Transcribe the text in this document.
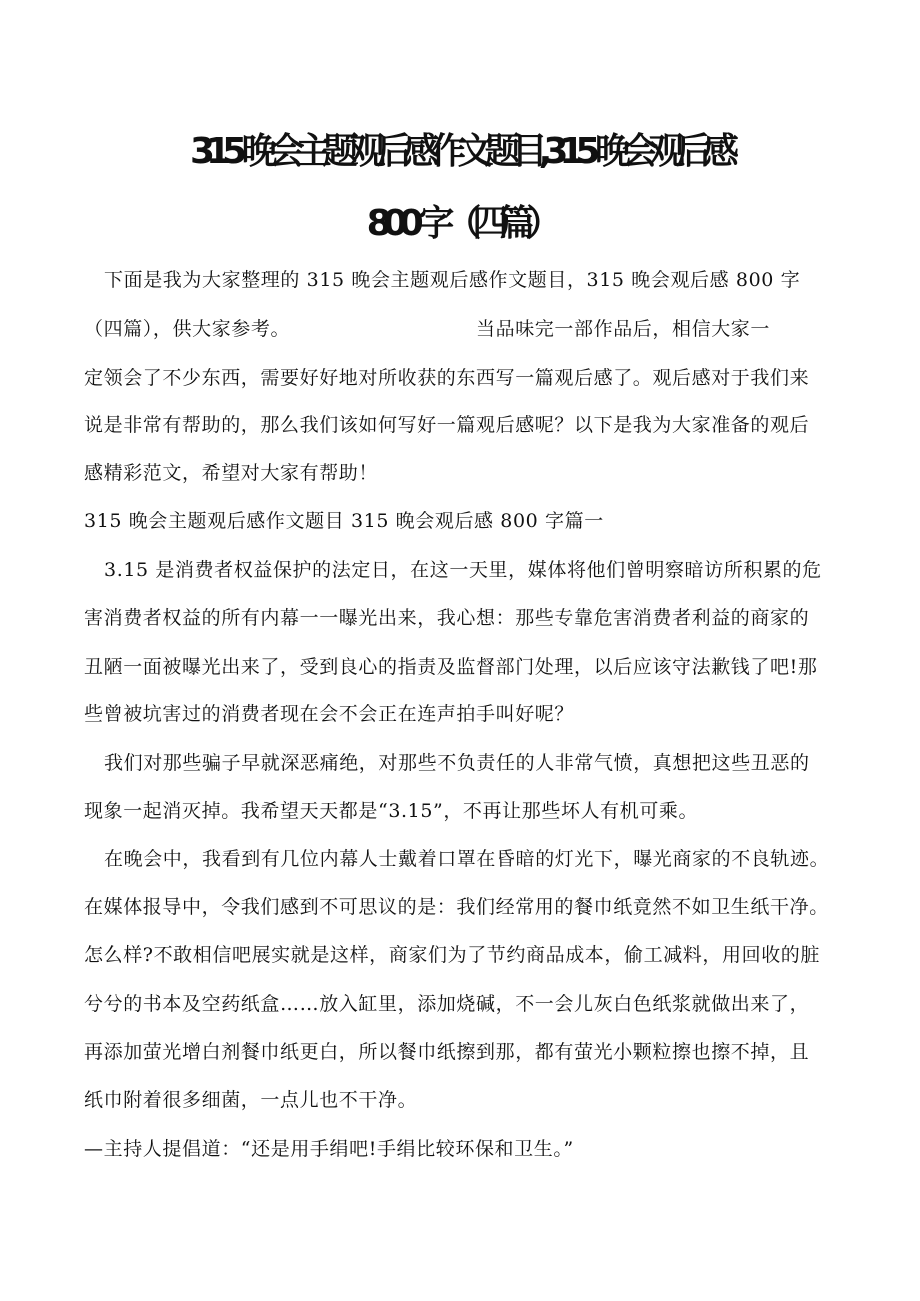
315 晚会主题观后感作文题目,315 晚会观后感
800 字（四篇）
下面是我为大家整理的 315 晚会主题观后感作文题目，315 晚会观后感 800 字
（四篇），供大家参考。	当品味完一部作品后，相信大家一
定领会了不少东西，需要好好地对所收获的东西写一篇观后感了。观后感对于我们来
说是非常有帮助的，那么我们该如何写好一篇观后感呢？以下是我为大家准备的观后
感精彩范文，希望对大家有帮助！
315 晚会主题观后感作文题目 315 晚会观后感 800 字篇一
3.15 是消费者权益保护的法定日，在这一天里，媒体将他们曾明察暗访所积累的危
害消费者权益的所有内幕一一曝光出来，我心想：那些专靠危害消费者利益的商家的
丑陋一面被曝光出来了，受到良心的指责及监督部门处理，以后应该守法歉钱了吧!那
些曾被坑害过的消费者现在会不会正在连声拍手叫好呢？
我们对那些骗子早就深恶痛绝，对那些不负责任的人非常气愤，真想把这些丑恶的
现象一起消灭掉。我希望天天都是“3.15”，不再让那些坏人有机可乘。
在晚会中，我看到有几位内幕人士戴着口罩在昏暗的灯光下，曝光商家的不良轨迹。
在媒体报导中，令我们感到不可思议的是：我们经常用的餐巾纸竟然不如卫生纸干净。
怎么样?不敢相信吧展实就是这样，商家们为了节约商品成本，偷工减料，用回收的脏
兮兮的书本及空药纸盒……放入缸里，添加烧碱，不一会儿灰白色纸浆就做出来了，
再添加萤光增白剂餐巾纸更白，所以餐巾纸擦到那，都有萤光小颗粒擦也擦不掉，且
纸巾附着很多细菌，一点儿也不干净。
—主持人提倡道：“还是用手绢吧!手绢比较环保和卫生。”
